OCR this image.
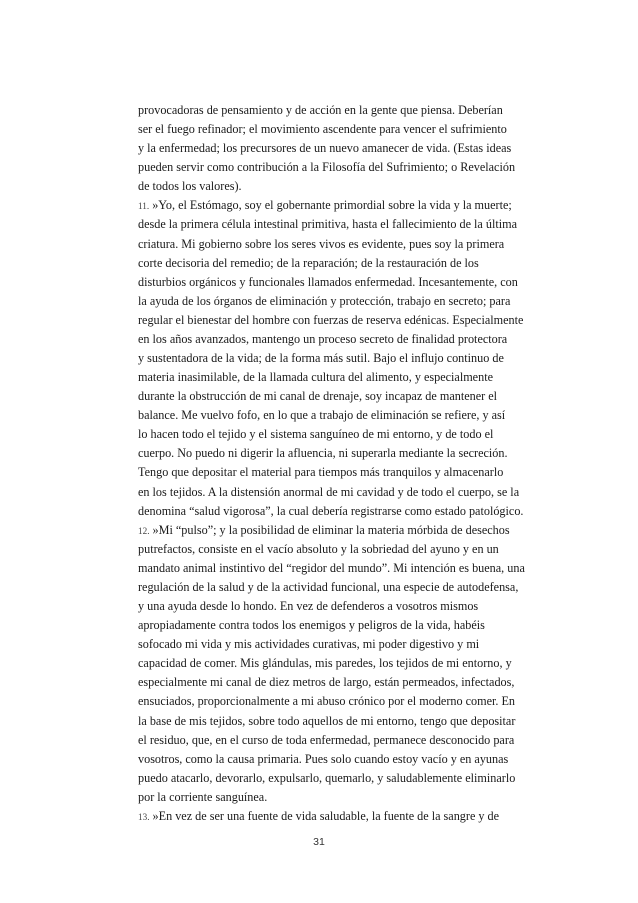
provocadoras de pensamiento y de acción en la gente que piensa. Deberían
ser el fuego refinador; el movimiento ascendente para vencer el sufrimiento
y la enfermedad; los precursores de un nuevo amanecer de vida. (Estas ideas
pueden servir como contribución a la Filosofía del Sufrimiento; o Revelación
de todos los valores).
11. »Yo, el Estómago, soy el gobernante primordial sobre la vida y la muerte;
desde la primera célula intestinal primitiva, hasta el fallecimiento de la última
criatura. Mi gobierno sobre los seres vivos es evidente, pues soy la primera
corte decisoria del remedio; de la reparación; de la restauración de los
disturbios orgánicos y funcionales llamados enfermedad. Incesantemente, con
la ayuda de los órganos de eliminación y protección, trabajo en secreto; para
regular el bienestar del hombre con fuerzas de reserva edénicas. Especialmente
en los años avanzados, mantengo un proceso secreto de finalidad protectora
y sustentadora de la vida; de la forma más sutil. Bajo el influjo continuo de
materia inasimilable, de la llamada cultura del alimento, y especialmente
durante la obstrucción de mi canal de drenaje, soy incapaz de mantener el
balance. Me vuelvo fofo, en lo que a trabajo de eliminación se refiere, y así
lo hacen todo el tejido y el sistema sanguíneo de mi entorno, y de todo el
cuerpo. No puedo ni digerir la afluencia, ni superarla mediante la secreción.
Tengo que depositar el material para tiempos más tranquilos y almacenarlo
en los tejidos. A la distensión anormal de mi cavidad y de todo el cuerpo, se la
denomina “salud vigorosa”, la cual debería registrarse como estado patológico.
12. »Mi “pulso”; y la posibilidad de eliminar la materia mórbida de desechos
putrefactos, consiste en el vacío absoluto y la sobriedad del ayuno y en un
mandato animal instintivo del “regidor del mundo”. Mi intención es buena, una
regulación de la salud y de la actividad funcional, una especie de autodefensa,
y una ayuda desde lo hondo. En vez de defenderos a vosotros mismos
apropiadamente contra todos los enemigos y peligros de la vida, habéis
sofocado mi vida y mis actividades curativas, mi poder digestivo y mi
capacidad de comer. Mis glándulas, mis paredes, los tejidos de mi entorno, y
especialmente mi canal de diez metros de largo, están permeados, infectados,
ensuciados, proporcionalmente a mi abuso crónico por el moderno comer. En
la base de mis tejidos, sobre todo aquellos de mi entorno, tengo que depositar
el residuo, que, en el curso de toda enfermedad, permanece desconocido para
vosotros, como la causa primaria. Pues solo cuando estoy vacío y en ayunas
puedo atacarlo, devorarlo, expulsarlo, quemarlo, y saludablemente eliminarlo
por la corriente sanguínea.
13. »En vez de ser una fuente de vida saludable, la fuente de la sangre y de
31
